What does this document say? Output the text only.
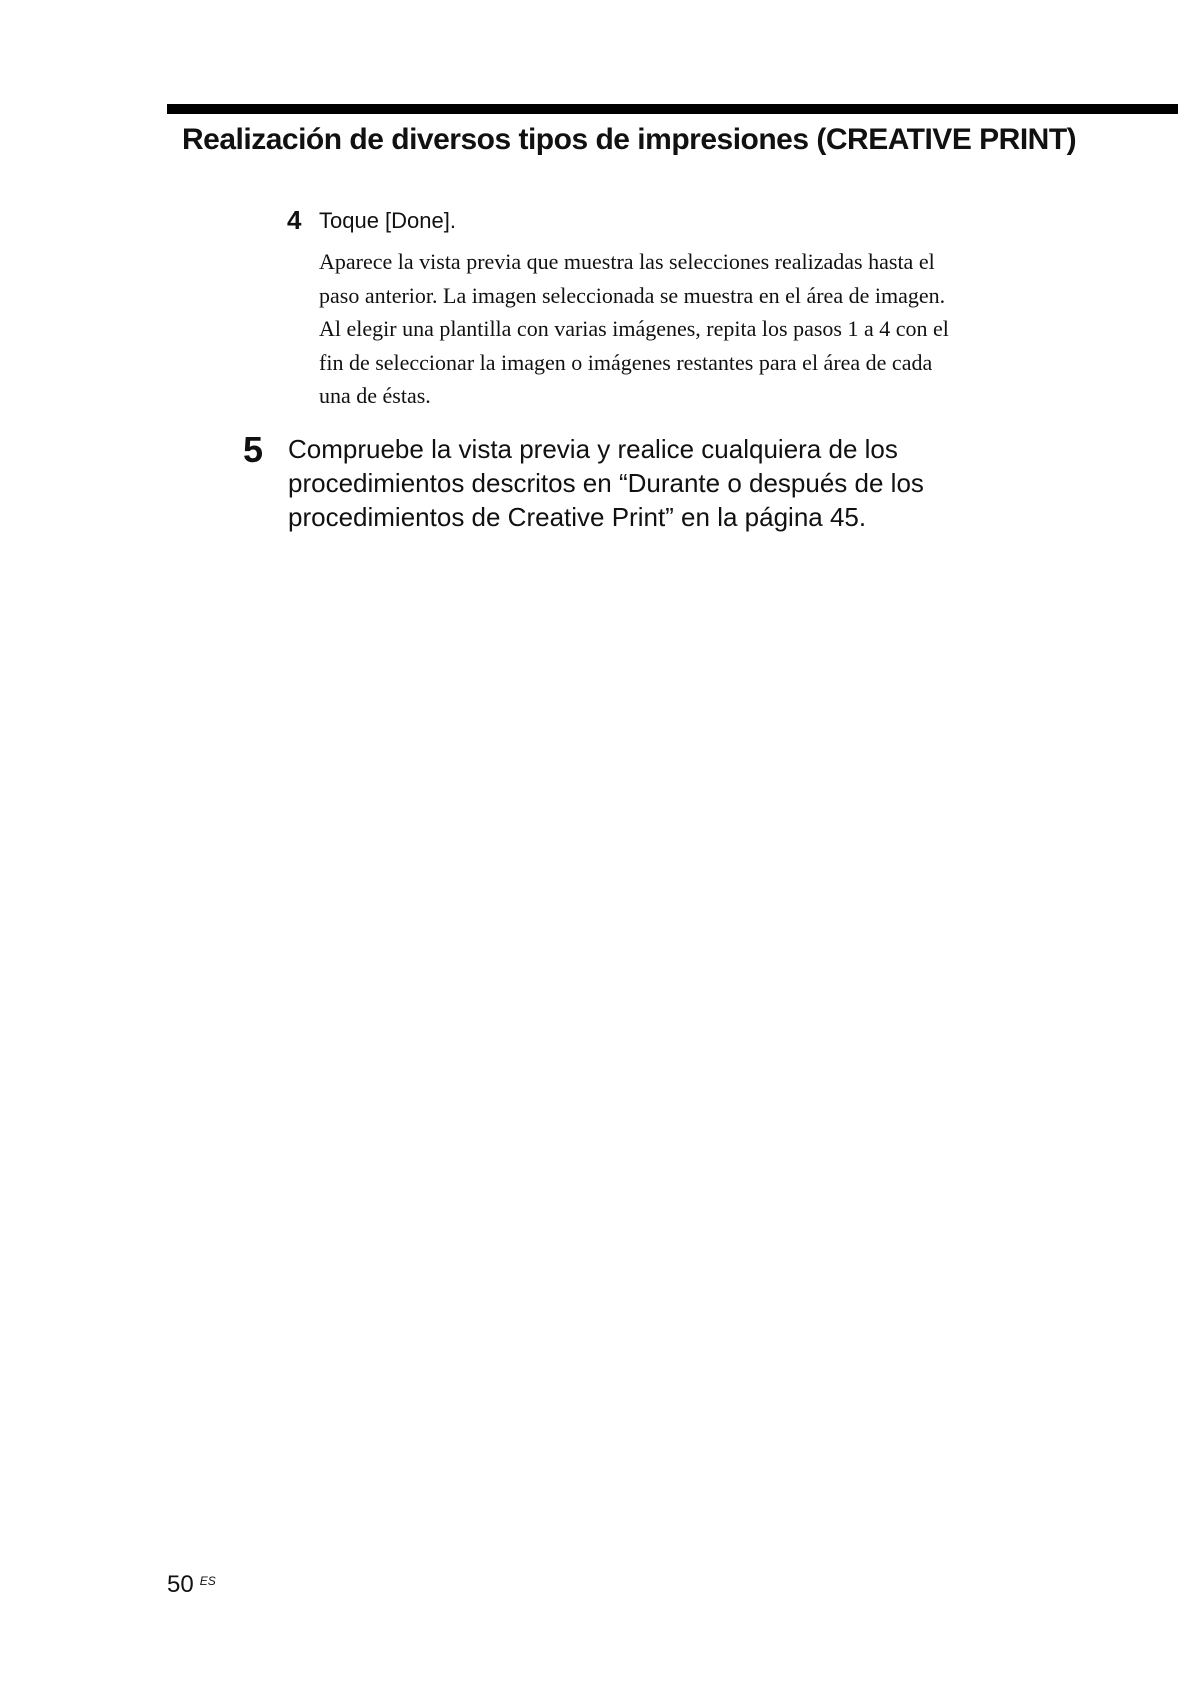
Realización de diversos tipos de impresiones (CREATIVE PRINT)
4 Toque [Done].

Aparece la vista previa que muestra las selecciones realizadas hasta el
paso anterior. La imagen seleccionada se muestra en el área de imagen.
Al elegir una plantilla con varias imágenes, repita los pasos 1 a 4 con el
fin de seleccionar la imagen o imágenes restantes para el área de cada
una de éstas.

5 Compruebe la vista previa y realice cualquiera de los
procedimientos descritos en “Durante o después de los
procedimientos de Creative Print” en la página 45.

50 $^{ES}$
